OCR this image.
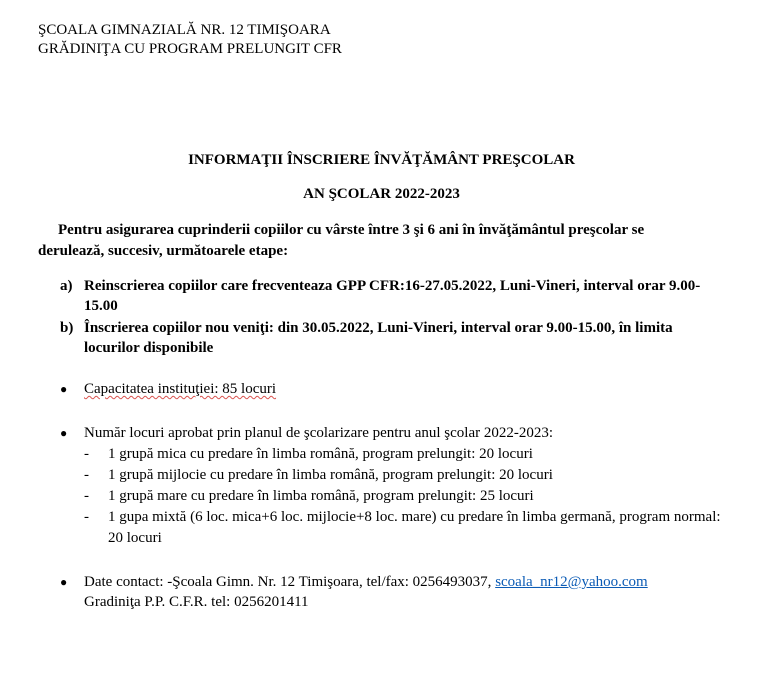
ŞCOALA GIMNAZIALĂ NR. 12 TIMIŞOARA
GRĂDINIŢA CU PROGRAM PRELUNGIT CFR
INFORMAŢII ÎNSCRIERE ÎNVĂŢĂMÂNT PREŞCOLAR
AN ŞCOLAR 2022-2023
Pentru asigurarea cuprinderii copiilor cu vârste între 3 şi 6 ani în învăţământul preşcolar se derulează, succesiv, următoarele etape:
a) Reinscrierea copiilor care frecventeaza GPP CFR:16-27.05.2022, Luni-Vineri, interval orar 9.00-15.00
b) Înscrierea copiilor nou veniţi: din 30.05.2022, Luni-Vineri, interval orar 9.00-15.00, în limita locurilor disponibile
● Capacitatea instituţiei: 85 locuri
● Număr locuri aprobat prin planul de şcolarizare pentru anul şcolar 2022-2023:
- 1 grupă mica cu predare în limba română, program prelungit: 20 locuri
- 1 grupă mijlocie cu predare în limba română, program prelungit: 20 locuri
- 1 grupă mare cu predare în limba română, program prelungit: 25 locuri
- 1 gupa mixtă (6 loc. mica+6 loc. mijlocie+8 loc. mare) cu predare în limba germană, program normal: 20 locuri
● Date contact: -Şcoala Gimn. Nr. 12 Timişoara, tel/fax: 0256493037, scoala_nr12@yahoo.com
Gradiniţa P.P. C.F.R. tel: 0256201411
